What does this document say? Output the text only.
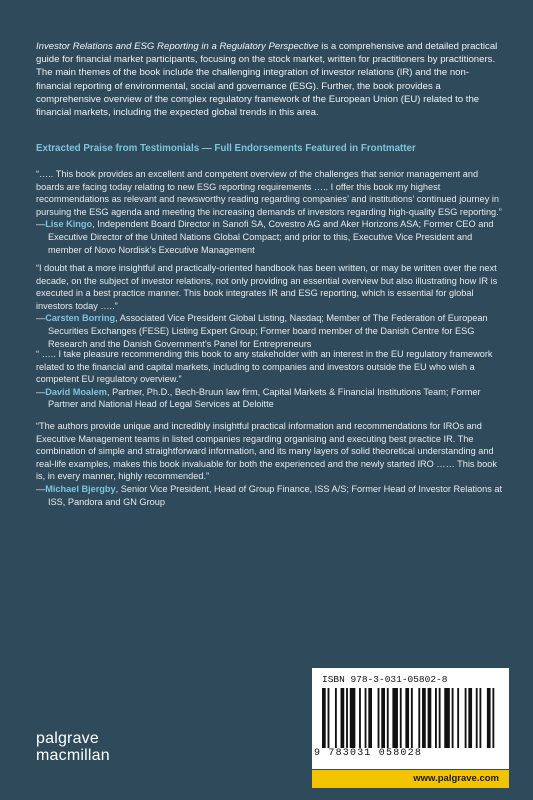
Investor Relations and ESG Reporting in a Regulatory Perspective is a comprehensive and detailed practical guide for financial market participants, focusing on the stock market, written for practitioners by practitioners. The main themes of the book include the challenging integration of investor relations (IR) and the non-financial reporting of environmental, social and governance (ESG). Further, the book provides a comprehensive overview of the complex regulatory framework of the European Union (EU) related to the financial markets, including the expected global trends in this area.
Extracted Praise from Testimonials — Full Endorsements Featured in Frontmatter
“….. This book provides an excellent and competent overview of the challenges that senior management and boards are facing today relating to new ESG reporting requirements ….. I offer this book my highest recommendations as relevant and newsworthy reading regarding companies’ and institutions’ continued journey in pursuing the ESG agenda and meeting the increasing demands of investors regarding high-quality ESG reporting.”
—Lise Kingo, Independent Board Director in Sanofi SA, Covestro AG and Aker Horizons ASA; Former CEO and Executive Director of the United Nations Global Compact; and prior to this, Executive Vice President and member of Novo Nordisk’s Executive Management
“I doubt that a more insightful and practically-oriented handbook has been written, or may be written over the next decade, on the subject of investor relations, not only providing an essential overview but also illustrating how IR is executed in a best practice manner. This book integrates IR and ESG reporting, which is essential for global investors today …..”
—Carsten Borring, Associated Vice President Global Listing, Nasdaq; Member of The Federation of European Securities Exchanges (FESE) Listing Expert Group; Former board member of the Danish Centre for ESG Research and the Danish Government’s Panel for Entrepreneurs
“ ….. I take pleasure recommending this book to any stakeholder with an interest in the EU regulatory framework related to the financial and capital markets, including to companies and investors outside the EU who wish a competent EU regulatory overview.”
—David Moalem, Partner, Ph.D., Bech-Bruun law firm, Capital Markets & Financial Institutions Team; Former Partner and National Head of Legal Services at Deloitte
“The authors provide unique and incredibly insightful practical information and recommendations for IROs and Executive Management teams in listed companies regarding organising and executing best practice IR. The combination of simple and straightforward information, and its many layers of solid theoretical understanding and real-life examples, makes this book invaluable for both the experienced and the newly started IRO …… This book is, in every manner, highly recommended.”
—Michael Bjergby, Senior Vice President, Head of Group Finance, ISS A/S; Former Head of Investor Relations at ISS, Pandora and GN Group
palgrave
macmillan
ISBN 978-3-031-05802-8
9 783031 058028
www.palgrave.com
